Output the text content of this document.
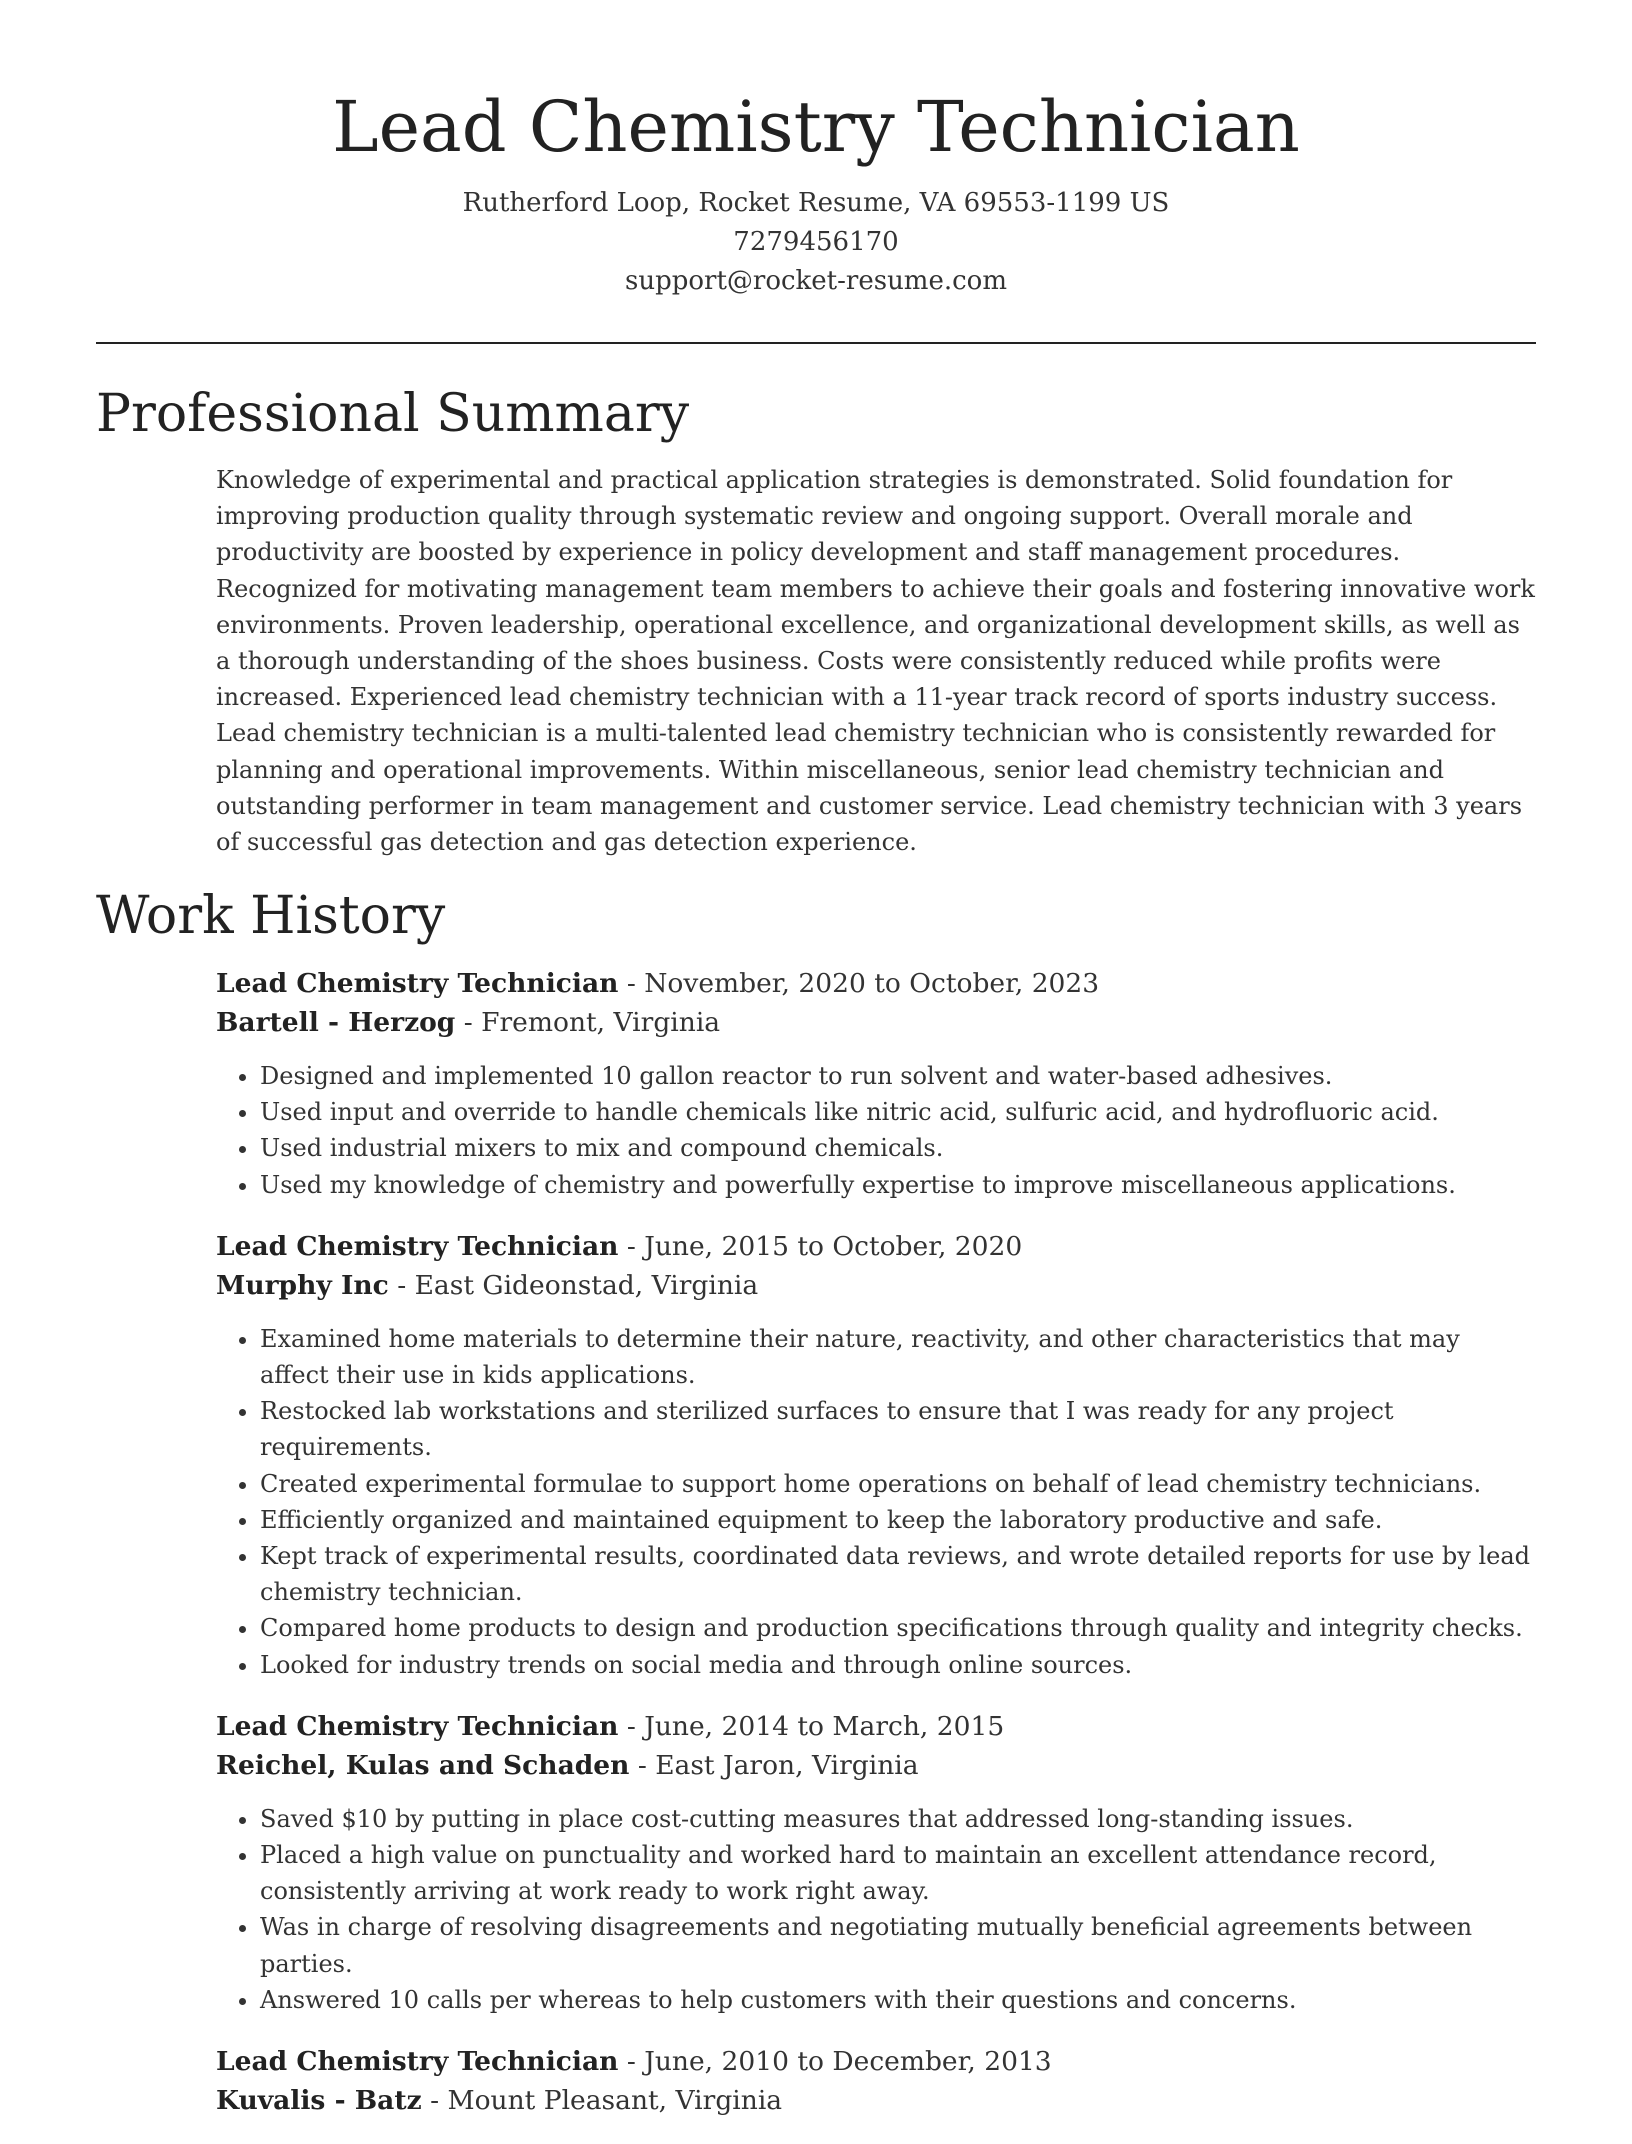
Lead Chemistry Technician
Rutherford Loop, Rocket Resume, VA 69553-1199 US
7279456170
support@rocket-resume.com
Professional Summary

Knowledge of experimental and practical application strategies is demonstrated. Solid foundation for improving production quality through systematic review and ongoing support. Overall morale and productivity are boosted by experience in policy development and staff management procedures. Recognized for motivating management team members to achieve their goals and fostering innovative work environments. Proven leadership, operational excellence, and organizational development skills, as well as a thorough understanding of the shoes business. Costs were consistently reduced while profits were increased. Experienced lead chemistry technician with a 11-year track record of sports industry success. Lead chemistry technician is a multi-talented lead chemistry technician who is consistently rewarded for planning and operational improvements. Within miscellaneous, senior lead chemistry technician and outstanding performer in team management and customer service. Lead chemistry technician with 3 years of successful gas detection and gas detection experience.

Work History
Lead Chemistry Technician - November, 2020 to October, 2023
Bartell - Herzog - Fremont, Virginia
• Designed and implemented 10 gallon reactor to run solvent and water-based adhesives.
• Used input and override to handle chemicals like nitric acid, sulfuric acid, and hydrofluoric acid.
• Used industrial mixers to mix and compound chemicals.
• Used my knowledge of chemistry and powerfully expertise to improve miscellaneous applications.
Lead Chemistry Technician - June, 2015 to October, 2020
Murphy Inc - East Gideonstad, Virginia
• Examined home materials to determine their nature, reactivity, and other characteristics that may affect their use in kids applications.
• Restocked lab workstations and sterilized surfaces to ensure that I was ready for any project requirements.
• Created experimental formulae to support home operations on behalf of lead chemistry technicians.
• Efficiently organized and maintained equipment to keep the laboratory productive and safe.
• Kept track of experimental results, coordinated data reviews, and wrote detailed reports for use by lead chemistry technician.
• Compared home products to design and production specifications through quality and integrity checks.
• Looked for industry trends on social media and through online sources.
Lead Chemistry Technician - June, 2014 to March, 2015
Reichel, Kulas and Schaden - East Jaron, Virginia
• Saved $10 by putting in place cost-cutting measures that addressed long-standing issues.
• Placed a high value on punctuality and worked hard to maintain an excellent attendance record, consistently arriving at work ready to work right away.
• Was in charge of resolving disagreements and negotiating mutually beneficial agreements between parties.
• Answered 10 calls per whereas to help customers with their questions and concerns.
Lead Chemistry Technician - June, 2010 to December, 2013
Kuvalis - Batz - Mount Pleasant, Virginia
